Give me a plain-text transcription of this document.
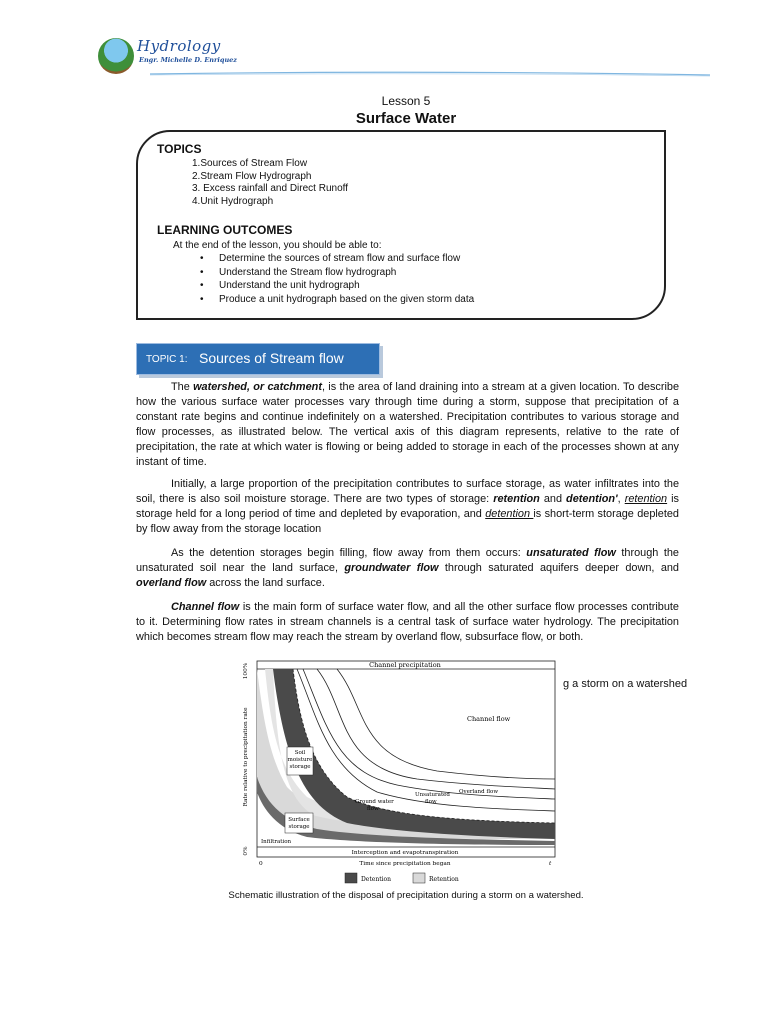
Hydrology
Engr. Michelle D. Enriquez
Lesson 5
Surface Water
TOPICS
1.Sources of Stream Flow
2.Stream Flow Hydrograph
3. Excess rainfall and Direct Runoff
4.Unit Hydrograph
LEARNING OUTCOMES
At the end of the lesson, you should be able to:
• Determine the sources of stream flow and surface flow
• Understand the Stream flow hydrograph
• Understand the unit hydrograph
• Produce a unit hydrograph based on the given storm data
TOPIC 1: Sources of Stream flow

The watershed, or catchment, is the area of land draining into a stream at a given location. To describe how the various surface water processes vary through time during a storm, suppose that precipitation of a constant rate begins and continue indefinitely on a watershed. Precipitation contributes to various storage and flow processes, as illustrated below. The vertical axis of this diagram represents, relative to the rate of precipitation, the rate at which water is flowing or being added to storage in each of the processes shown at any instant of time.

Initially, a large proportion of the precipitation contributes to surface storage, as water infiltrates into the soil, there is also soil moisture storage. There are two types of storage: retention and detention', retention is storage held for a long period of time and depleted by evaporation, and detention is short-term storage depleted by flow away from the storage location

As the detention storages begin filling, flow away from them occurs: unsaturated flow through the unsaturated soil near the land surface, groundwater flow through saturated aquifers deeper down, and overland flow across the land surface.

Channel flow is the main form of surface water flow, and all the other surface flow processes contribute to it. Determining flow rates in stream channels is a central task of surface water hydrology. The precipitation which becomes stream flow may reach the stream by overland flow, subsurface flow, or both.

Channel precipitation
Channel flow
Soil
moisture
storage
Ground water
flow
Unsaturated
flow
Overland flow
Surface
storage
Infiltration
Interception and evapotranspiration
Rate relative to precipitation rate
100%
0%
0	t
Time since precipitation began
Detention	Retention
g a storm on a watershed
Schematic illustration of the disposal of precipitation during a storm on a watershed.
